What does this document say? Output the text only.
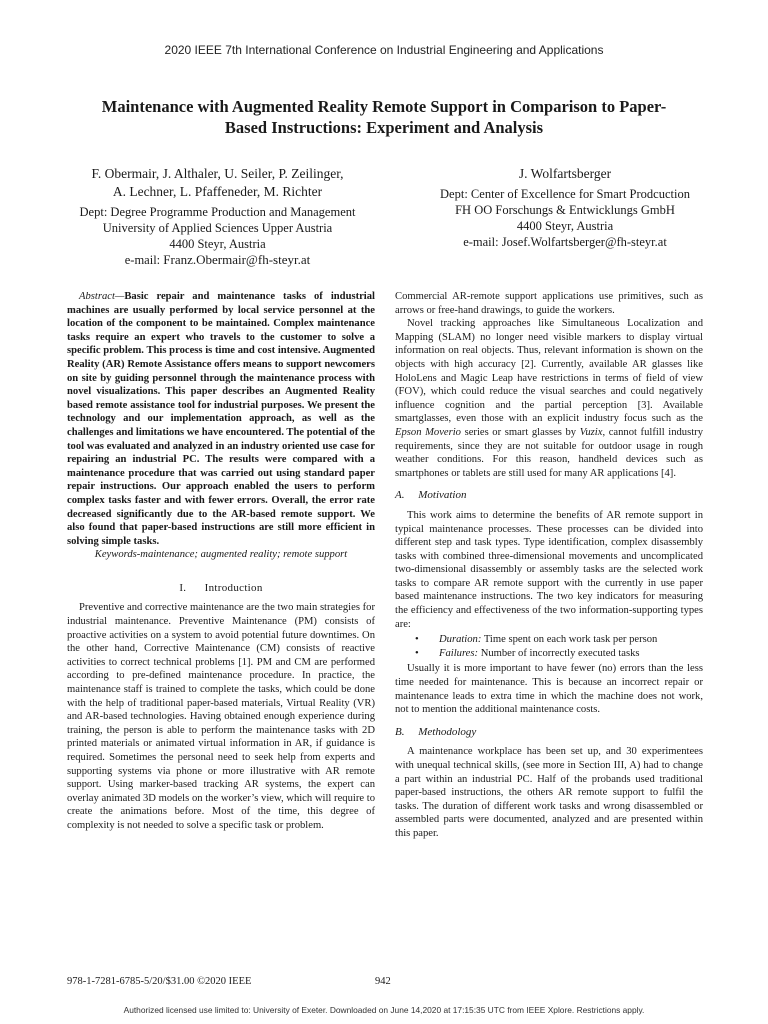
2020 IEEE 7th International Conference on Industrial Engineering and Applications
Maintenance with Augmented Reality Remote Support in Comparison to Paper-
Based Instructions: Experiment and Analysis
F. Obermair, J. Althaler, U. Seiler, P. Zeilinger,
A. Lechner, L. Pfaffeneder, M. Richter
Dept: Degree Programme Production and Management
University of Applied Sciences Upper Austria
4400 Steyr, Austria
e-mail: Franz.Obermair@fh-steyr.at
J. Wolfartsberger
Dept: Center of Excellence for Smart Prodcuction
FH OO Forschungs & Entwicklungs GmbH
4400 Steyr, Austria
e-mail: Josef.Wolfartsberger@fh-steyr.at

Abstract—Basic repair and maintenance tasks of industrial machines are usually performed by local service personnel at the location of the component to be maintained. Complex maintenance tasks require an expert who travels to the customer to solve a specific problem. This process is time and cost intensive. Augmented Reality (AR) Remote Assistance offers means to support newcomers on site by guiding personnel through the maintenance process with novel visualizations. This paper describes an Augmented Reality based remote assistance tool for industrial purposes. We present the technology and our implementation approach, as well as the challenges and limitations we have encountered. The potential of the tool was evaluated and analyzed in an industry oriented use case for repairing an industrial PC. The results were compared with a maintenance procedure that was carried out using standard paper repair instructions. Our approach enabled the users to perform complex tasks faster and with fewer errors. Overall, the error rate decreased significantly due to the AR-based remote support. We also found that paper-based instructions are still more efficient in solving simple tasks.

Keywords-maintenance; augmented reality; remote support

I.      Introduction

Preventive and corrective maintenance are the two main strategies for industrial maintenance. Preventive Maintenance (PM) consists of proactive activities on a system to avoid potential future downtimes. On the other hand, Corrective Maintenance (CM) consists of reactive activities to correct technical problems [1]. PM and CM are performed according to pre-defined maintenance procedure. In practice, the maintenance staff is trained to complete the tasks, which could be done with the help of traditional paper-based materials, Virtual Reality (VR) and AR-based technologies. Having obtained enough experience during training, the person is able to perform the maintenance tasks with 2D printed materials or animated virtual information in AR, if guidance is required. Sometimes the personal need to seek help from experts and supporting systems via phone or more illustrative with AR remote support. Using marker-based tracking AR systems, the expert can overlay animated 3D models on the worker’s view, which will require to create the animations before. Most of the time, this degree of complexity is not needed to solve a specific task or problem.

Commercial AR-remote support applications use primitives, such as arrows or free-hand drawings, to guide the workers.

Novel tracking approaches like Simultaneous Localization and Mapping (SLAM) no longer need visible markers to display virtual information on real objects. Thus, relevant information is shown on the objects with high accuracy [2]. Currently, available AR glasses like HoloLens and Magic Leap have restrictions in terms of field of view (FOV), which could reduce the visual searches and could negatively influence cognition and the partial perception [3]. Available smartglasses, even those with an explicit industry focus such as the Epson Moverio series or smart glasses by Vuzix, cannot fulfill industry requirements, since they are not suitable for outdoor usage in rough weather conditions. For this reason, handheld devices such as smartphones or tablets are still used for many AR applications [4].

A.     Motivation

This work aims to determine the benefits of AR remote support in typical maintenance processes. These processes can be divided into different step and task types. Type identification, complex disassembly tasks with combined three-dimensional movements and uncomplicated two-dimensional disassembly or assembly tasks are the selected work tasks to compare AR remote support with the currently in use paper based maintenance instructions. The two key indicators for measuring the efficiency and effectiveness of the two information-supporting types are:

• Duration: Time spent on each work task per person
• Failures: Number of incorrectly executed tasks

Usually it is more important to have fewer (no) errors than the less time needed for maintenance. This is because an incorrect repair or maintenance leads to extra time in which the machine does not work, not to mention the additional maintenance costs.

B.     Methodology

A maintenance workplace has been set up, and 30 experimentees with unequal technical skills, (see more in Section III, A) had to change a part within an industrial PC. Half of the probands used traditional paper-based instructions, the others AR remote support to fulfil the tasks. The duration of different work tasks and wrong disassembled or assembled parts were documented, analyzed and are presented within this paper.

978-1-7281-6785-5/20/$31.00 ©2020 IEEE	942
Authorized licensed use limited to: University of Exeter. Downloaded on June 14,2020 at 17:15:35 UTC from IEEE Xplore. Restrictions apply.
